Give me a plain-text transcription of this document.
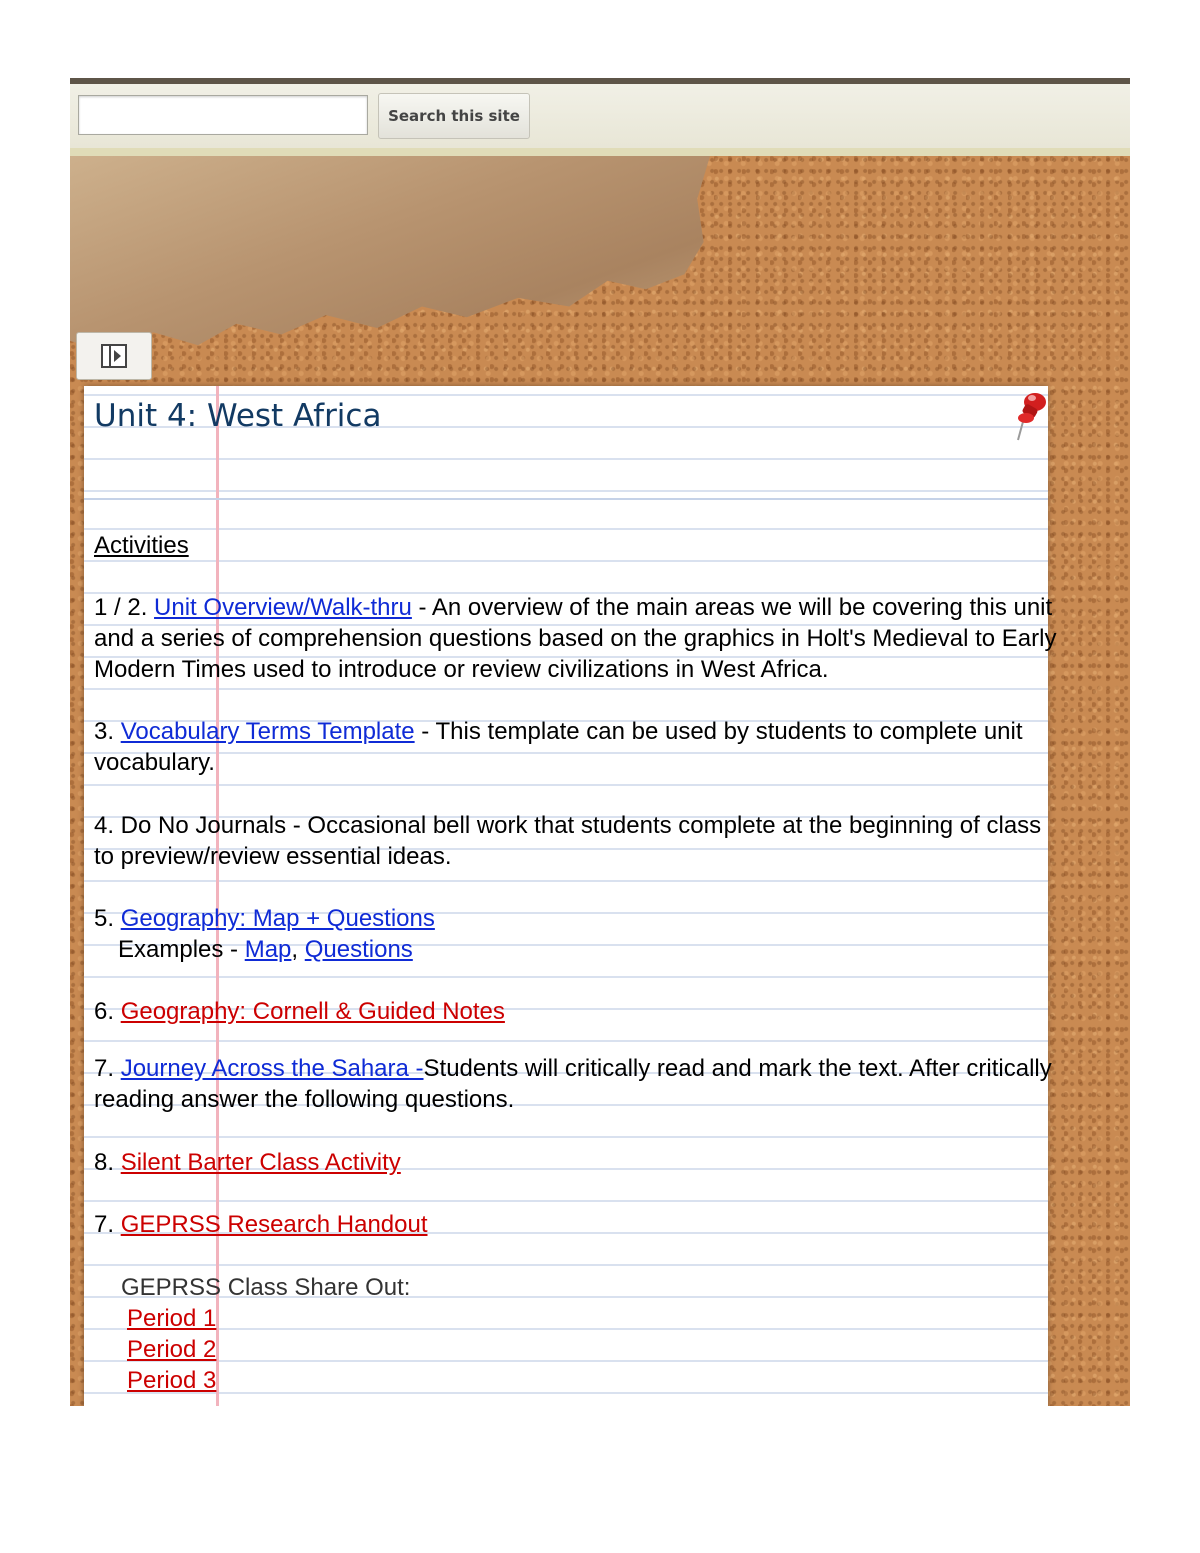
Search this site
Unit 4: West Africa

Activities

1 / 2. Unit Overview/Walk-thru - An overview of the main areas we will be covering this unit
and a series of comprehension questions based on the graphics in Holt's Medieval to Early
Modern Times used to introduce or review civilizations in West Africa.

3. Vocabulary Terms Template - This template can be used by students to complete unit
vocabulary.

4. Do No Journals - Occasional bell work that students complete at the beginning of class
to preview/review essential ideas.

5. Geography: Map + Questions
Examples - Map, Questions

6. Geography: Cornell & Guided Notes

7. Journey Across the Sahara -Students will critically read and mark the text. After critically
reading answer the following questions.

8. Silent Barter Class Activity

7. GEPRSS Research Handout

GEPRSS Class Share Out:

Period 1
Period 2
Period 3
